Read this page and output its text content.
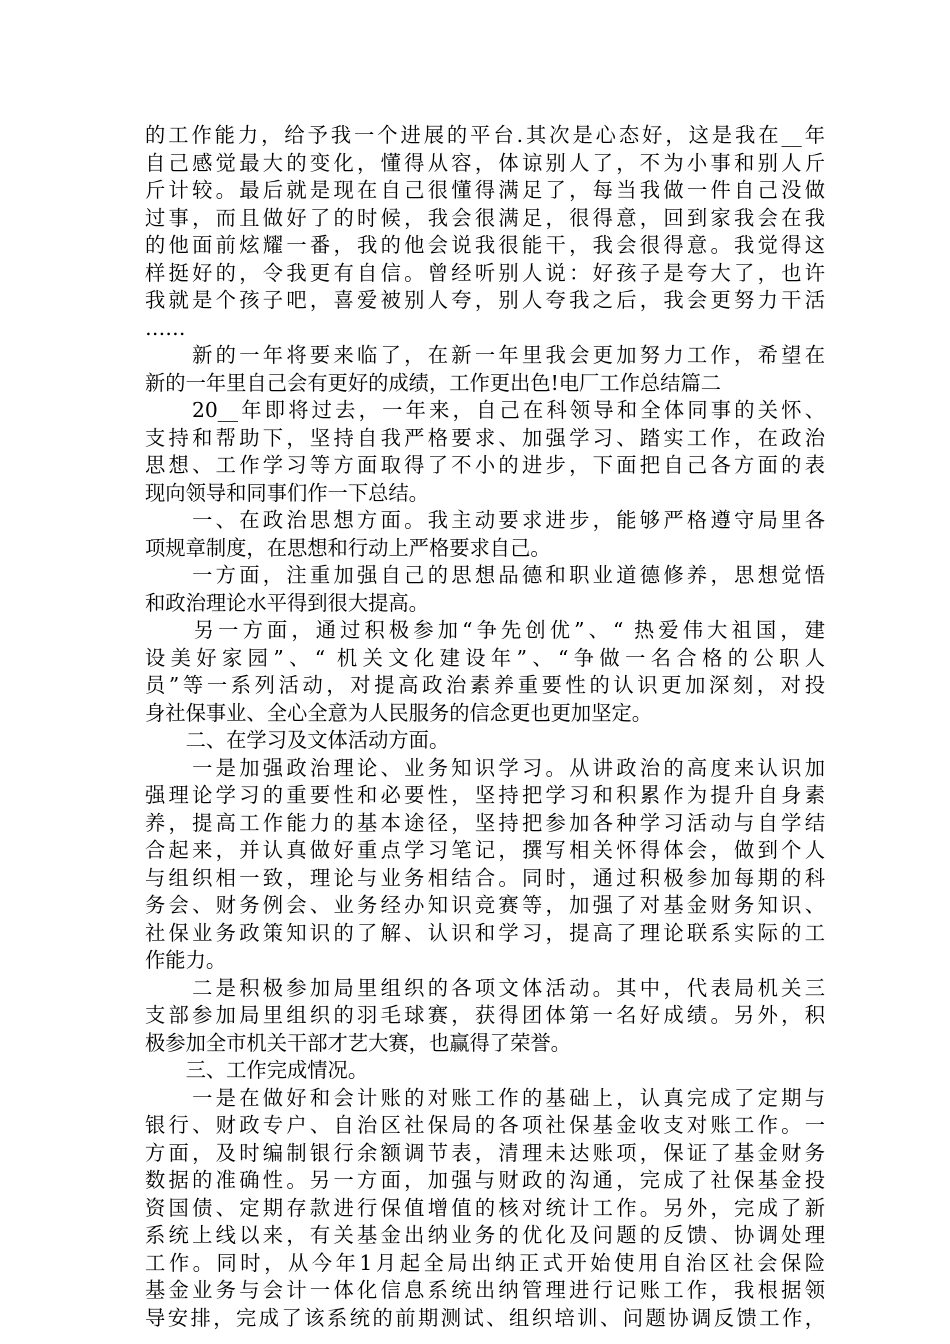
的工作能力，给予我一个进展的平台.其次是心态好，这是我在__年
自己感觉最大的变化，懂得从容，体谅别人了，不为小事和别人斤
斤计较。最后就是现在自己很懂得满足了，每当我做一件自己没做
过事，而且做好了的时候，我会很满足，很得意，回到家我会在我
的他面前炫耀一番，我的他会说我很能干，我会很得意。我觉得这
样挺好的，令我更有自信。曾经听别人说：好孩子是夸大了，也许
我就是个孩子吧，喜爱被别人夸，别人夸我之后，我会更努力干活
……
　　新的一年将要来临了，在新一年里我会更加努力工作，希望在
新的一年里自己会有更好的成绩，工作更出色!电厂工作总结篇二
　　20__年即将过去，一年来，自己在科领导和全体同事的关怀、
支持和帮助下，坚持自我严格要求、加强学习、踏实工作，在政治
思想、工作学习等方面取得了不小的进步，下面把自己各方面的表
现向领导和同事们作一下总结。
　　一、在政治思想方面。我主动要求进步，能够严格遵守局里各
项规章制度，在思想和行动上严格要求自己。
　　一方面，注重加强自己的思想品德和职业道德修养，思想觉悟
和政治理论水平得到很大提高。
　　另一方面，通过积极参加“争先创优”、“ 热爱伟大祖国，建
设美好家园”、“ 机关文化建设年”、“争做一名合格的公职人
员”等一系列活动，对提高政治素养重要性的认识更加深刻，对投
身社保事业、全心全意为人民服务的信念更也更加坚定。
　　二、在学习及文体活动方面。
　　一是加强政治理论、业务知识学习。从讲政治的高度来认识加
强理论学习的重要性和必要性，坚持把学习和积累作为提升自身素
养，提高工作能力的基本途径，坚持把参加各种学习活动与自学结
合起来，并认真做好重点学习笔记，撰写相关怀得体会，做到个人
与组织相一致，理论与业务相结合。同时，通过积极参加每期的科
务会、财务例会、业务经办知识竞赛等，加强了对基金财务知识、
社保业务政策知识的了解、认识和学习，提高了理论联系实际的工
作能力。
　　二是积极参加局里组织的各项文体活动。其中，代表局机关三
支部参加局里组织的羽毛球赛，获得团体第一名好成绩。另外，积
极参加全市机关干部才艺大赛，也赢得了荣誉。
　　三、工作完成情况。
　　一是在做好和会计账的对账工作的基础上，认真完成了定期与
银行、财政专户、自治区社保局的各项社保基金收支对账工作。一
方面，及时编制银行余额调节表，清理未达账项，保证了基金财务
数据的准确性。另一方面，加强与财政的沟通，完成了社保基金投
资国债、定期存款进行保值增值的核对统计工作。另外，完成了新
系统上线以来，有关基金出纳业务的优化及问题的反馈、协调处理
工作。同时，从今年1月起全局出纳正式开始使用自治区社会保险
基金业务与会计一体化信息系统出纳管理进行记账工作，我根据领
导安排，完成了该系统的前期测试、组织培训、问题协调反馈工作，
